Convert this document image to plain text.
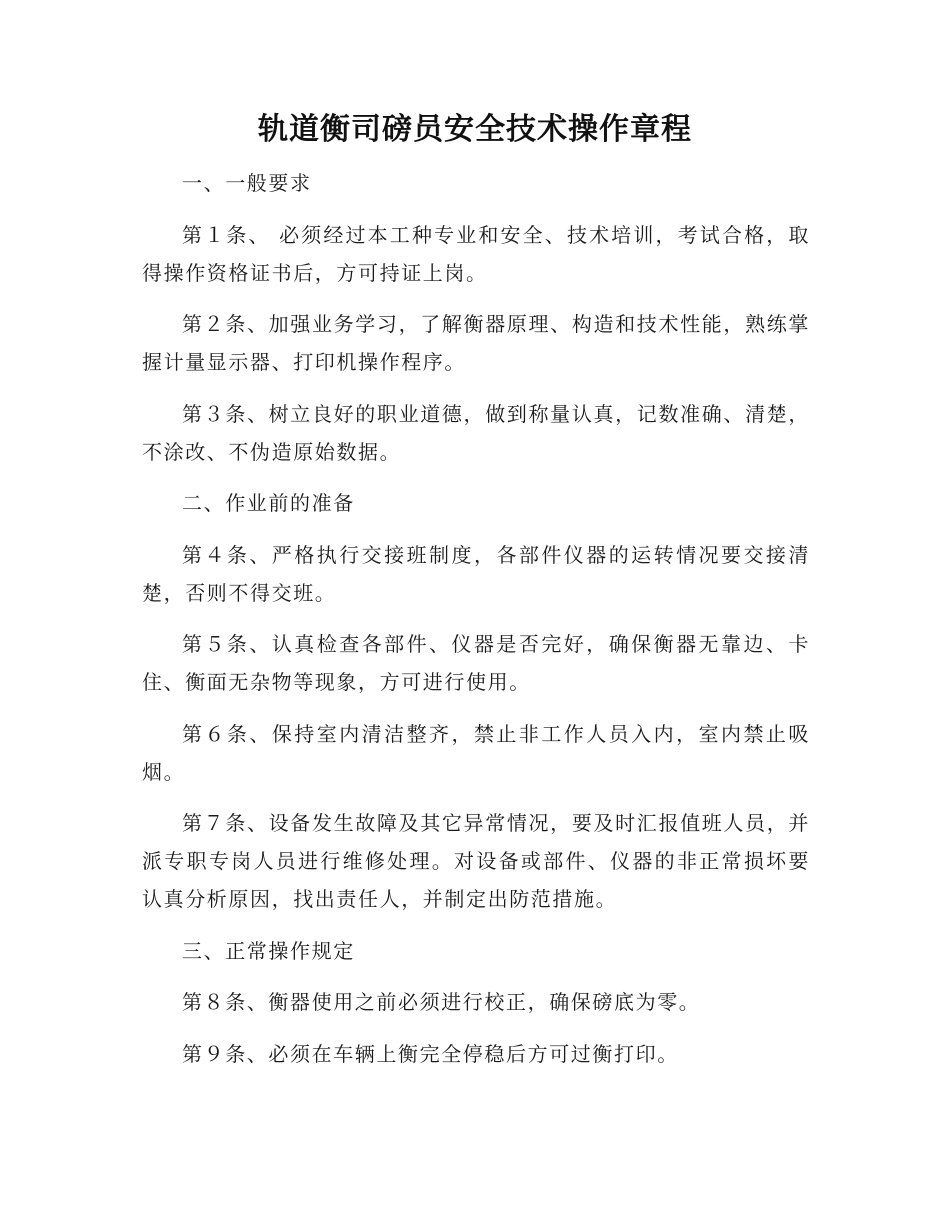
轨道衡司磅员安全技术操作章程

一、一般要求

第１条、 必须经过本工种专业和安全、技术培训，考试合格，取得操作资格证书后，方可持证上岗。

第２条、加强业务学习，了解衡器原理、构造和技术性能，熟练掌握计量显示器、打印机操作程序。

第３条、树立良好的职业道德，做到称量认真，记数准确、清楚，不涂改、不伪造原始数据。

二、作业前的准备

第４条、严格执行交接班制度，各部件仪器的运转情况要交接清楚，否则不得交班。

第５条、认真检查各部件、仪器是否完好，确保衡器无靠边、卡住、衡面无杂物等现象，方可进行使用。

第６条、保持室内清洁整齐，禁止非工作人员入内，室内禁止吸烟。

第７条、设备发生故障及其它异常情况，要及时汇报值班人员，并派专职专岗人员进行维修处理。对设备或部件、仪器的非正常损坏要认真分析原因，找出责任人，并制定出防范措施。

三、正常操作规定

第８条、衡器使用之前必须进行校正，确保磅底为零。

第９条、必须在车辆上衡完全停稳后方可过衡打印。
